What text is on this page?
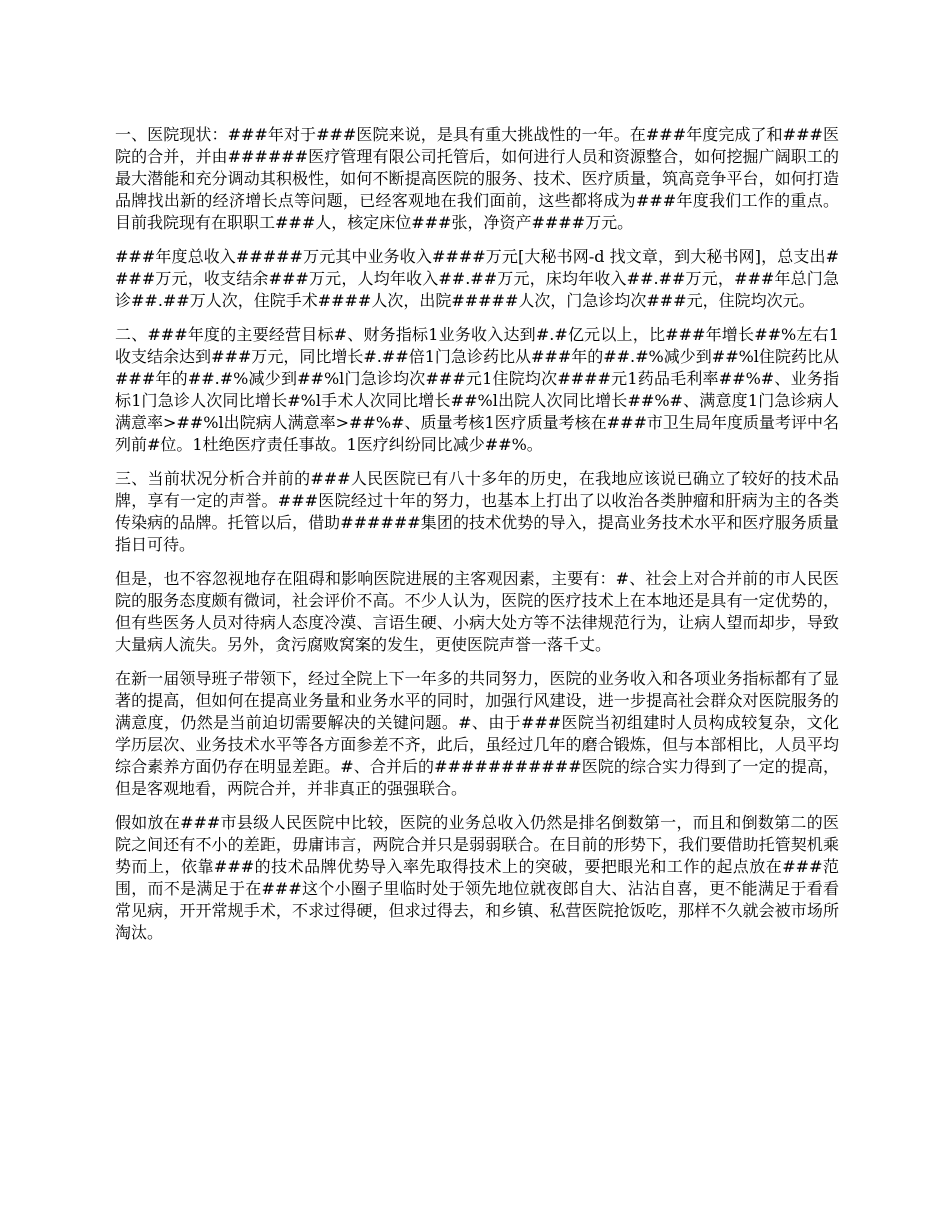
一、医院现状：###年对于###医院来说，是具有重大挑战性的一年。在###年度完成了和###医院的合并，并由######医疗管理有限公司托管后，如何进行人员和资源整合，如何挖掘广阔职工的最大潜能和充分调动其积极性，如何不断提高医院的服务、技术、医疗质量，筑高竞争平台，如何打造品牌找出新的经济增长点等问题，已经客观地在我们面前，这些都将成为###年度我们工作的重点。目前我院现有在职职工###人，核定床位###张，净资产####万元。

###年度总收入#####万元其中业务收入####万元[大秘书网-d 找文章，到大秘书网]，总支出####万元，收支结余###万元，人均年收入##.##万元，床均年收入##.##万元，###年总门急诊##.##万人次，住院手术####人次，出院#####人次，门急诊均次###元，住院均次元。

二、###年度的主要经营目标#、财务指标1业务收入达到#.#亿元以上，比###年增长##%左右1收支结余达到###万元，同比增长#.##倍1门急诊药比从###年的##.#%减少到##%l住院药比从###年的##.#%减少到##%l门急诊均次###元1住院均次####元1药品毛利率##%#、业务指标1门急诊人次同比增长#%l手术人次同比增长##%l出院人次同比增长##%#、满意度1门急诊病人满意率>##%l出院病人满意率>##%#、质量考核1医疗质量考核在###市卫生局年度质量考评中名列前#位。1杜绝医疗责任事故。1医疗纠纷同比减少##%。

三、当前状况分析合并前的###人民医院已有八十多年的历史，在我地应该说已确立了较好的技术品牌，享有一定的声誉。###医院经过十年的努力，也基本上打出了以收治各类肿瘤和肝病为主的各类传染病的品牌。托管以后，借助######集团的技术优势的导入，提高业务技术水平和医疗服务质量指日可待。

但是，也不容忽视地存在阻碍和影响医院进展的主客观因素，主要有：#、社会上对合并前的市人民医院的服务态度颇有微词，社会评价不高。不少人认为，医院的医疗技术上在本地还是具有一定优势的，但有些医务人员对待病人态度冷漠、言语生硬、小病大处方等不法律规范行为，让病人望而却步，导致大量病人流失。另外，贪污腐败窝案的发生，更使医院声誉一落千丈。

在新一届领导班子带领下，经过全院上下一年多的共同努力，医院的业务收入和各项业务指标都有了显著的提高，但如何在提高业务量和业务水平的同时，加强行风建设，进一步提高社会群众对医院服务的满意度，仍然是当前迫切需要解决的关键问题。#、由于###医院当初组建时人员构成较复杂，文化学历层次、业务技术水平等各方面参差不齐，此后，虽经过几年的磨合锻炼，但与本部相比，人员平均综合素养方面仍存在明显差距。#、合并后的###########医院的综合实力得到了一定的提高，但是客观地看，两院合并，并非真正的强强联合。

假如放在###市县级人民医院中比较，医院的业务总收入仍然是排名倒数第一，而且和倒数第二的医院之间还有不小的差距，毋庸讳言，两院合并只是弱弱联合。在目前的形势下，我们要借助托管契机乘势而上，依靠###的技术品牌优势导入率先取得技术上的突破，要把眼光和工作的起点放在###范围，而不是满足于在###这个小圈子里临时处于领先地位就夜郎自大、沾沾自喜，更不能满足于看看常见病，开开常规手术，不求过得硬，但求过得去，和乡镇、私营医院抢饭吃，那样不久就会被市场所淘汰。
